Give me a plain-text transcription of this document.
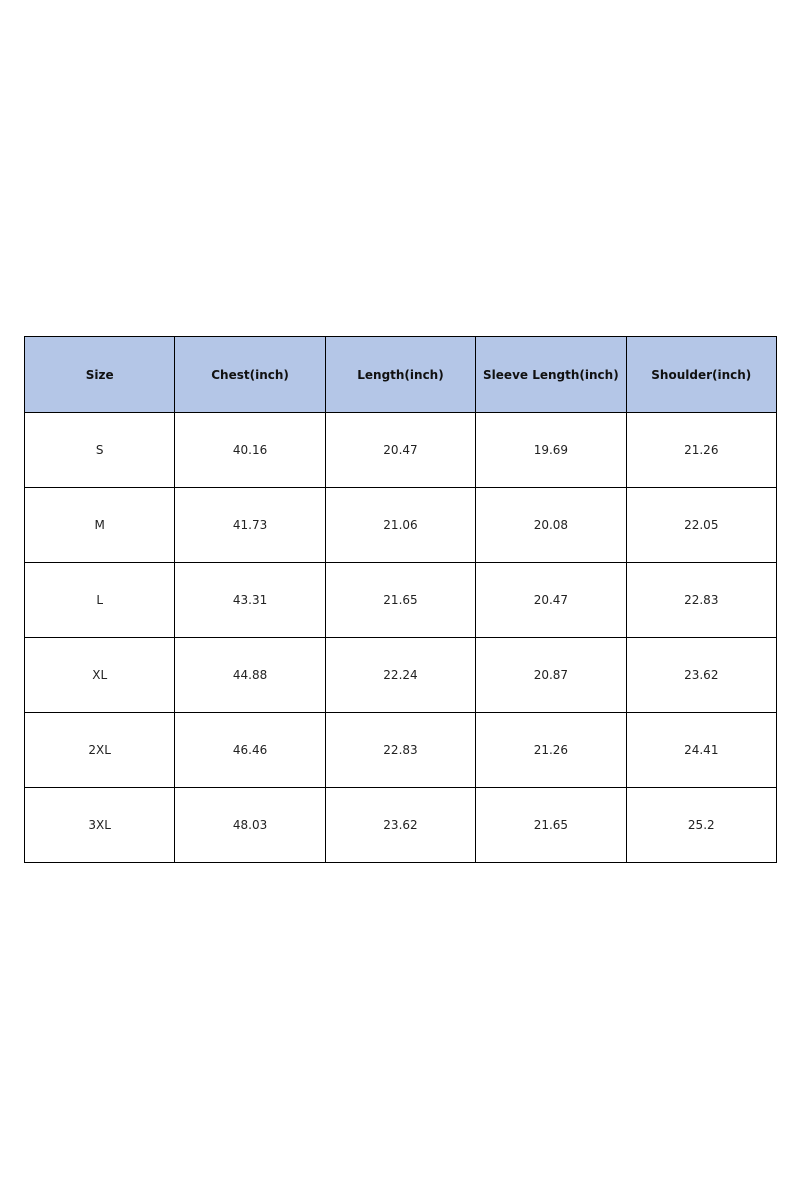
Size	Chest(inch)	Length(inch)	Sleeve Length(inch)	Shoulder(inch)
S	40.16	20.47	19.69	21.26
M	41.73	21.06	20.08	22.05
L	43.31	21.65	20.47	22.83
XL	44.88	22.24	20.87	23.62
2XL	46.46	22.83	21.26	24.41
3XL	48.03	23.62	21.65	25.2
